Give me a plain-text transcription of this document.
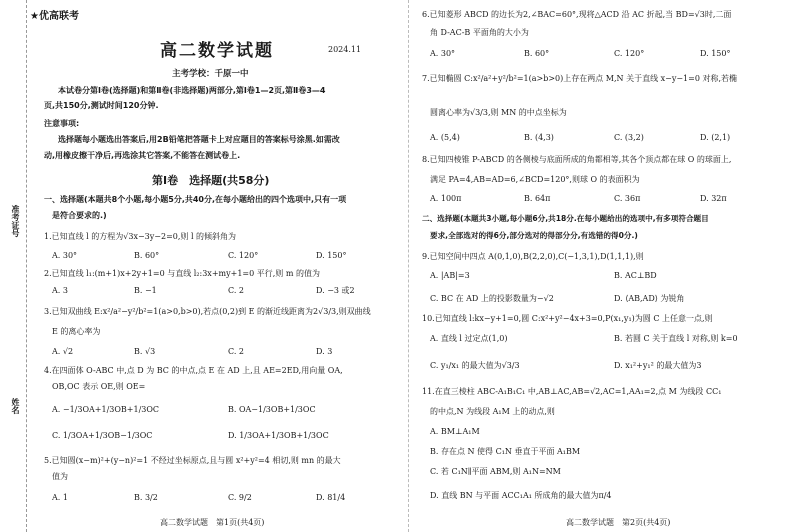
准考证号
姓名
★优高联考
高二数学试题	2024.11
主考学校：千原一中
本试卷分第Ⅰ卷(选择题)和第Ⅱ卷(非选择题)两部分,第Ⅰ卷1—2页,第Ⅱ卷3—4
页,共150分,测试时间120分钟.
注意事项:
选择题每小题选出答案后,用2B铅笔把答题卡上对应题目的答案标号涂黑.如需改
动,用橡皮擦干净后,再选涂其它答案,不能答在测试卷上.
第Ⅰ卷　选择题(共58分)
一、选择题(本题共8个小题,每小题5分,共40分,在每小题给出的四个选项中,只有一项
是符合要求的.)
1.已知直线 l 的方程为√3x−3y−2=0,则 l 的倾斜角为
A. 30°	B. 60°	C. 120°	D. 150°
2.已知直线 l₁:(m+1)x+2y+1=0 与直线 l₂:3x+my+1=0 平行,则 m 的值为
A. 3	B. −1	C. 2	D. −3 或2
3.已知双曲线 E:x²/a²−y²/b²=1(a>0,b>0),若点(0,2)到 E 的渐近线距离为2√3/3,则双曲线
E 的离心率为
A. √2	B. √3	C. 2	D. 3
4.在四面体 O-ABC 中,点 D 为 BC 的中点,点 E 在 AD 上,且 AE=2ED,用向量 OA,
OB,OC 表示 OE,则 OE=
A. −1/3OA+1/3OB+1/3OC	B. OA−1/3OB+1/3OC
C. 1/3OA+1/3OB−1/3OC	D. 1/3OA+1/3OB+1/3OC
5.已知圆(x−m)²+(y−n)²=1 不经过坐标原点,且与圆 x²+y²=4 相切,则 mn 的最大
值为
A. 1	B. 3/2	C. 9/2	D. 81/4
高二数学试题　第1页(共4页)
6.已知菱形 ABCD 的边长为2,∠BAC=60°,现将△ACD 沿 AC 折起,当 BD=√3时,二面
角 D-AC-B 平面角的大小为
A. 30°	B. 60°	C. 120°	D. 150°
7.已知椭圆 C:x²/a²+y²/b²=1(a>b>0)上存在两点 M,N 关于直线 x−y−1=0 对称,若椭
圆离心率为√3/3,则 MN 的中点坐标为
A. (5,4)	B. (4,3)	C. (3,2)	D. (2,1)
8.已知四棱锥 P-ABCD 的各侧棱与底面所成的角都相等,其各个顶点都在球 O 的球面上,
满足 PA=4,AB=AD=6,∠BCD=120°,则球 O 的表面积为
A. 100π	B. 64π	C. 36π	D. 32π
二、选择题(本题共3小题,每小题6分,共18分.在每小题给出的选项中,有多项符合题目
要求,全部选对的得6分,部分选对的得部分分,有选错的得0分.)
9.已知空间中四点 A(0,1,0),B(2,2,0),C(−1,3,1),D(1,1,1),则
A. |AB|=3	B. AC⊥BD
C. BC 在 AD 上的投影数量为−√2	D. ⟨AB,AD⟩ 为锐角
10.已知直线 l:kx−y+1=0,圆 C:x²+y²−4x+3=0,P(x₁,y₁)为圆 C 上任意一点,则
A. 直线 l 过定点(1,0)	B. 若圆 C 关于直线 l 对称,则 k=0
C. y₁/x₁ 的最大值为√3/3	D. x₁²+y₁² 的最大值为3
11.在直三棱柱 ABC-A₁B₁C₁ 中,AB⊥AC,AB=√2,AC=1,AA₁=2,点 M 为线段 CC₁
的中点,N 为线段 A₁M 上的动点,则
A. BM⊥A₁M
B. 存在点 N 使得 C₁N 垂直于平面 A₁BM
C. 若 C₁N∥平面 ABM,则 A₁N=NM
D. 直线 BN 与平面 ACC₁A₁ 所成角的最大值为π/4
高二数学试题　第2页(共4页)
